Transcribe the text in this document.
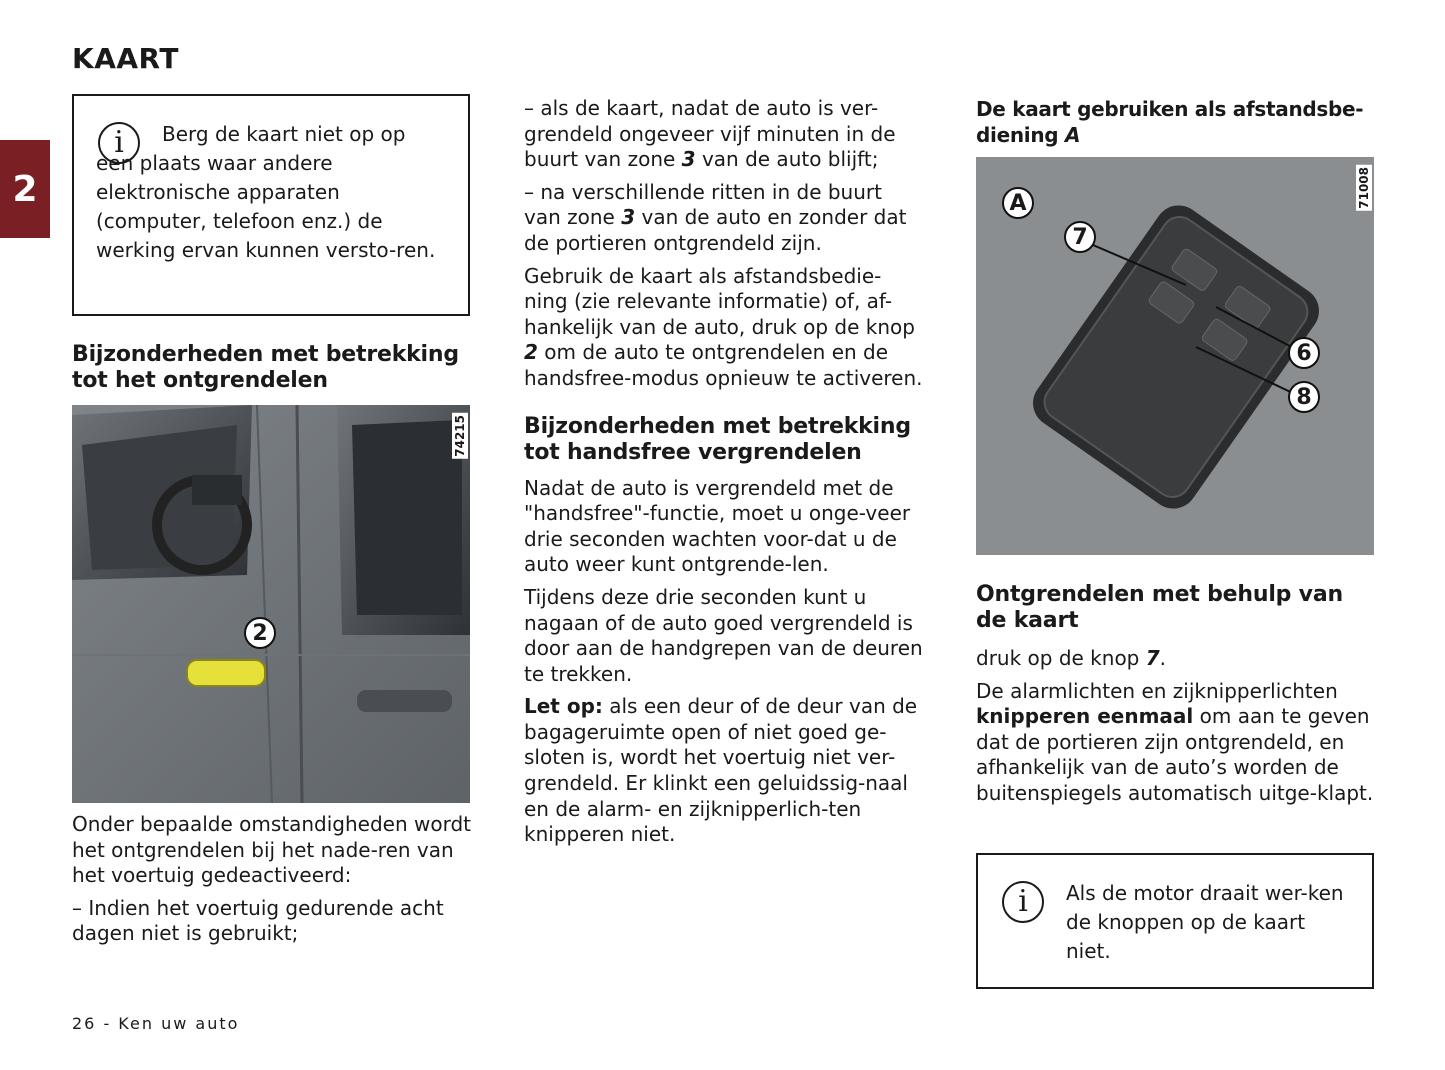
KAART
2
i	Berg de kaart niet op op een plaats waar andere elektronische apparaten (computer, telefoon enz.) de werking ervan kunnen versto-ren.

Bijzonderheden met betrekking tot het ontgrendelen
2
74215

Onder bepaalde omstandigheden wordt het ontgrendelen bij het nade-ren van het voertuig gedeactiveerd:

– Indien het voertuig gedurende acht dagen niet is gebruikt;

– als de kaart, nadat de auto is ver-grendeld ongeveer vijf minuten in de buurt van zone 3 van de auto blijft;

– na verschillende ritten in de buurt van zone 3 van de auto en zonder dat de portieren ontgrendeld zijn.

Gebruik de kaart als afstandsbedie-ning (zie relevante informatie) of, af-hankelijk van de auto, druk op de knop 2 om de auto te ontgrendelen en de handsfree-modus opnieuw te activeren.

Bijzonderheden met betrekking tot handsfree vergrendelen

Nadat de auto is vergrendeld met de "handsfree"-functie, moet u onge-veer drie seconden wachten voor-dat u de auto weer kunt ontgrende-len.

Tijdens deze drie seconden kunt u nagaan of de auto goed vergrendeld is door aan de handgrepen van de deuren te trekken.

Let op: als een deur of de deur van de bagageruimte open of niet goed ge-sloten is, wordt het voertuig niet ver-grendeld. Er klinkt een geluidssig-naal en de alarm- en zijknipperlich-ten knipperen niet.

De kaart gebruiken als afstandsbe-diening A
A
7
6
8
71008
Ontgrendelen met behulp van de kaart

druk op de knop 7.

De alarmlichten en zijknipperlichten knipperen eenmaal om aan te geven dat de portieren zijn ontgrendeld, en afhankelijk van de auto’s worden de buitenspiegels automatisch uitge-klapt.

i	Als de motor draait wer-ken de knoppen op de kaart niet.

26 - Ken uw auto
